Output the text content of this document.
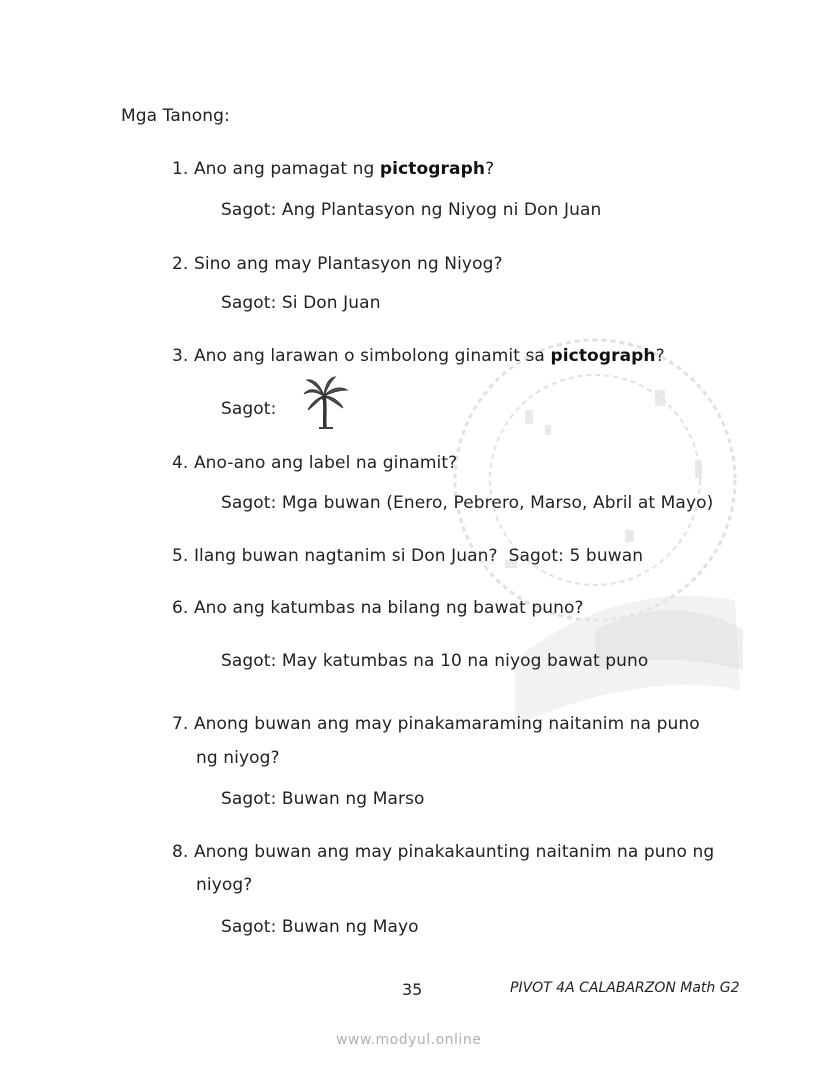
Mga Tanong:
1. Ano ang pamagat ng pictograph?
Sagot: Ang Plantasyon ng Niyog ni Don Juan
2. Sino ang may Plantasyon ng Niyog?
Sagot: Si Don Juan
3. Ano ang larawan o simbolong ginamit sa pictograph?
Sagot:
4. Ano-ano ang label na ginamit?
Sagot: Mga buwan (Enero, Pebrero, Marso, Abril at Mayo)
5. Ilang buwan nagtanim si Don Juan?  Sagot: 5 buwan
6. Ano ang katumbas na bilang ng bawat puno?
Sagot: May katumbas na 10 na niyog bawat puno
7. Anong buwan ang may pinakamaraming naitanim na puno
ng niyog?
Sagot: Buwan ng Marso
8. Anong buwan ang may pinakakaunting naitanim na puno ng
niyog?
Sagot: Buwan ng Mayo
35	PIVOT 4A CALABARZON Math G2
www.modyul.online
